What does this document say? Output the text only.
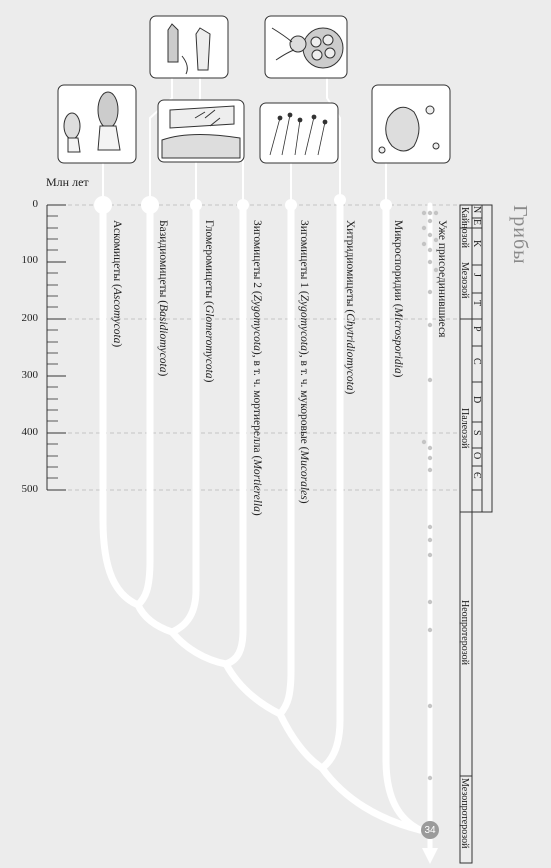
Грибы
Млн лет
0
100
200
300
400
500
Кайнозой
Мезозой
Палеозой
Неопротерозой
Мезопротерозой
N
E
K
J
T
P
C
D
S
O
Є
Аскомицеты (Ascomycota)
Базидиомицеты (Basidiomycota)
Гломеромицеты (Glomeromycota)
Зигомицеты 2 (Zygomycota), в т. ч. мортиерелла (Mortierella)
Зигомицеты 1 (Zygomycota), в т. ч. мукоровые (Mucorales)
Хитридиомицеты (Chytridiomycota)
Микроспоридии (Microsporidia)
Уже присоединившиеся
34
